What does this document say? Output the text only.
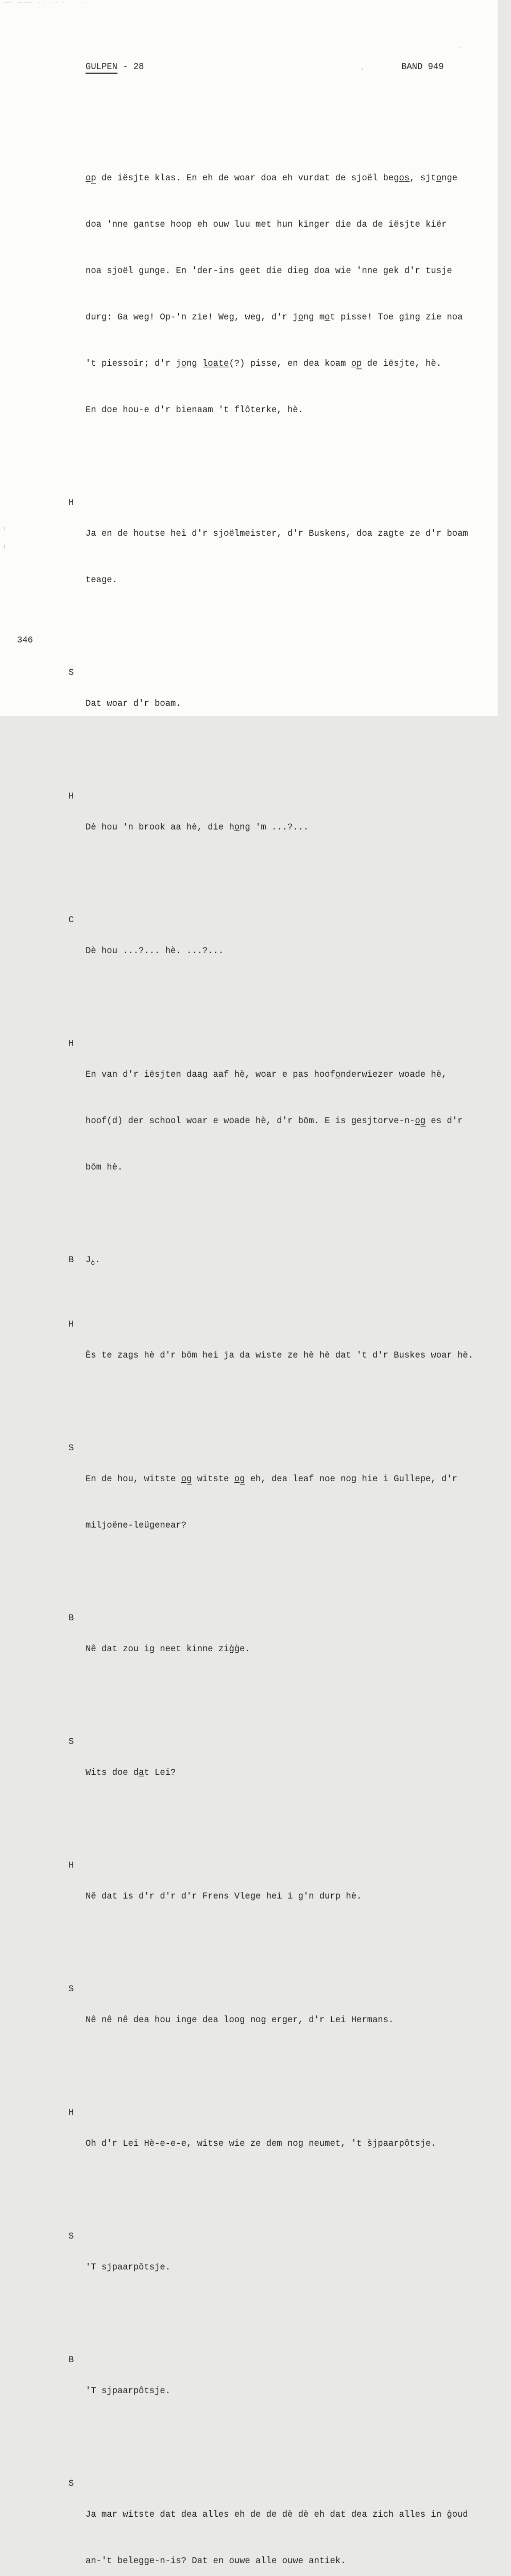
———  —————  - - - - -      -
:
:
·
.
GULPEN - 28	BAND 949

o̲p̲ de iësjte klas. En eh de woar doa eh vurdat de sjoël bego̲s̲, sjto̲nge

doa 'nne gantse hoop eh ouw luu met hun kinger die da de iësjte kiër

noa sjoël gunge. En 'der-ins geet die dieg doa wie 'nne gek d'r tusje

durg: Ga weg! Op-'n zie! Weg, weg, d'r jo̲ng mo̲t pisse! Toe ging zie noa

't piessoir; d'r jo̲ng l̲o̲a̲t̲e̲(?) pisse, en dea koam o̲p̲ de iësjte, hè.

En doe hou-e d'r bienaam 't flôterke, hè.

H

Ja en de houtse hei d'r sjoëlmeister, d'r Buskens, doa zagte ze d'r boam

teage.

S

Dat woar d'r boam.

H

Dè hou 'n brook aa hè, die ho̲ng 'm ...?...

C

Dè hou ...?... hè. ...?...

H

En van d'r iësjten daag aaf hè, woar e pas hoofo̲nderwiezer woade hè,

hoof(d) der school woar e woade hè, d'r bōm. E is gesjtorve-n-o̲g̲ es d'r

bōm hè.

B	$J_ò$.

H

Ès te zags hè d'r bōm hei ja da wiste ze hè hè dat 't d'r Buskes woar hè.

S

En de hou, witste o̲g̲ witste o̲g̲ eh, dea leaf noe nog hie i Gullepe, d'r

miljoëne-leügenear?

B

Nê dat zou ig neet kinne zig̀g̀e.

S

Wits doe da̲t Lei?

H

Nê dat is d'r d'r d'r Frens Vlege hei i g'n durp hè.

S

Nê nê nê dea hou inge dea loog nog erger, d'r Lei Hermans.

H

Oh d'r Lei Hè-e-e-e, witse wie ze dem nog neumet, 't s̀jpaarpôtsje.

S

'T sjpaarpôtsje.

B

'T sjpaarpôtsje.

S

Ja mar witste dat dea alles eh de de dè dè eh dat dea zich alles in g̀oud

an-'t belegge-n-is? Dat en ouwe alle ouwe antiek.

346
